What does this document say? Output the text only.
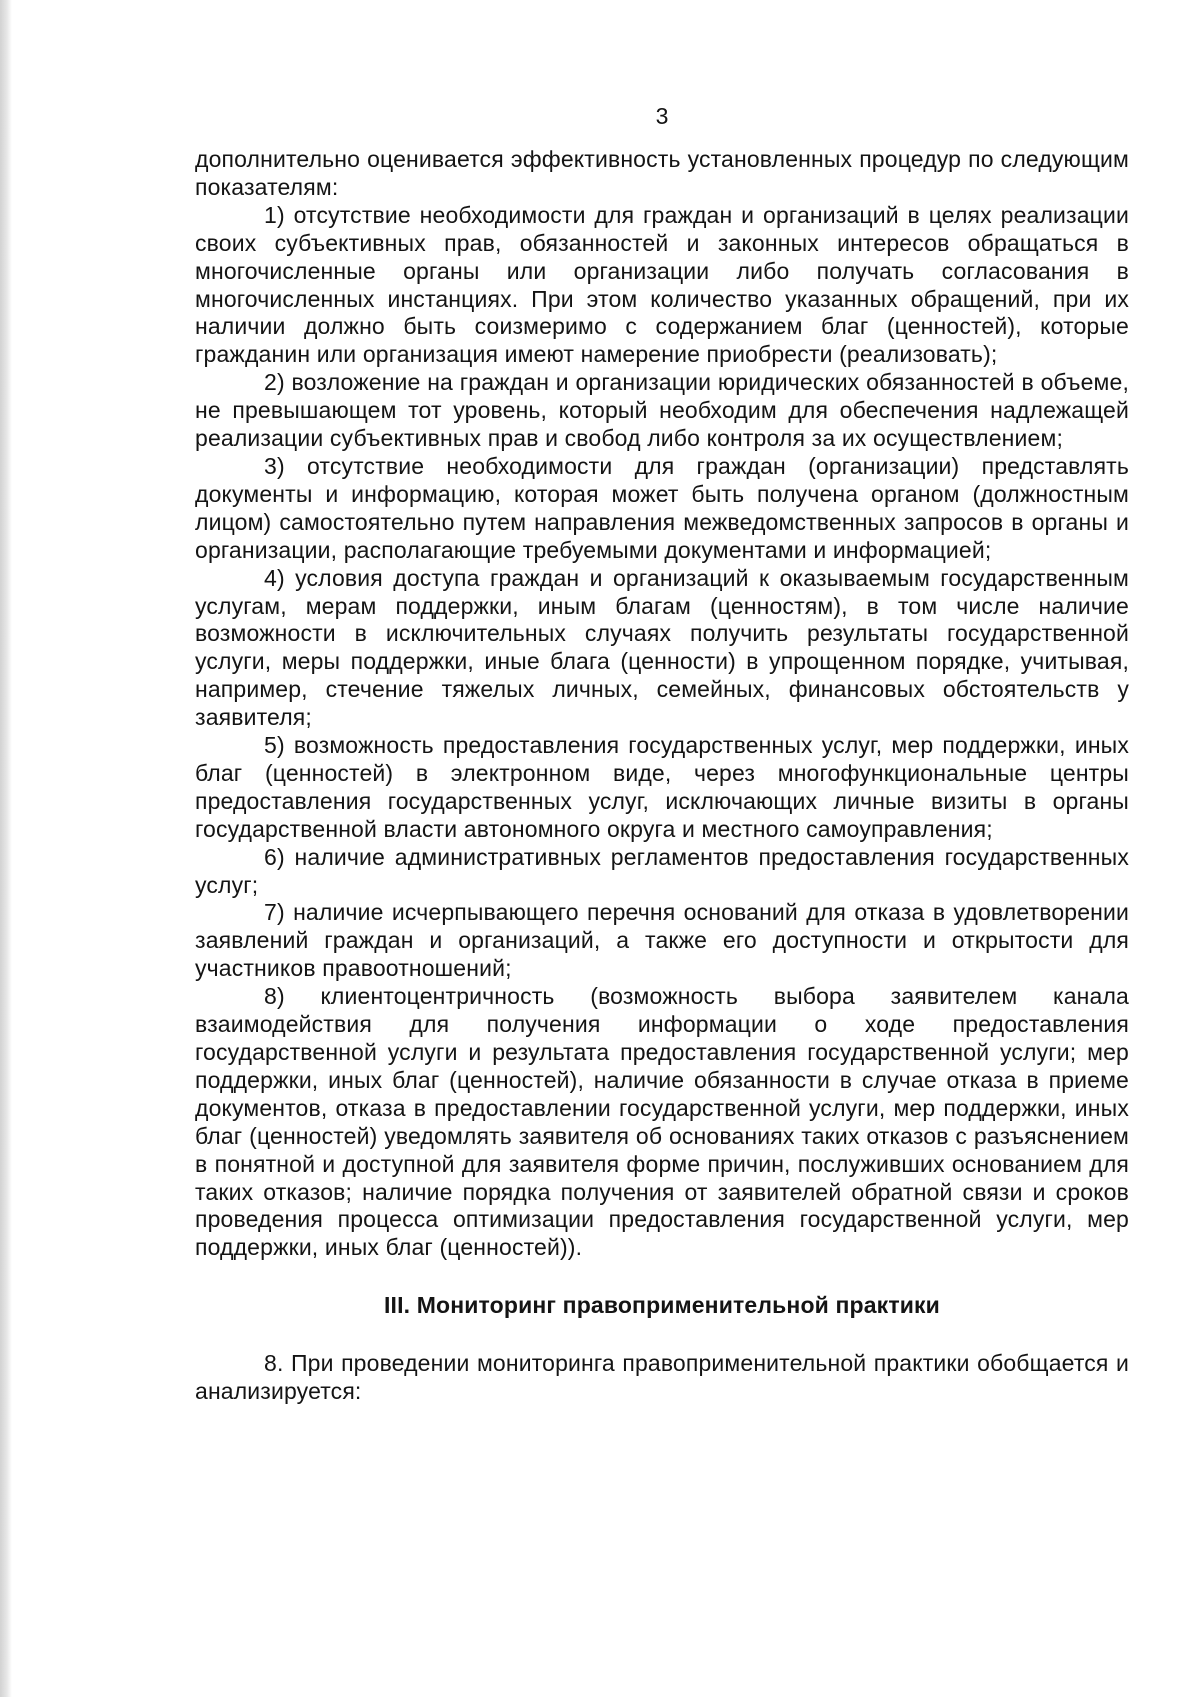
3

дополнительно оценивается эффективность установленных процедур по следующим показателям:

1) отсутствие необходимости для граждан и организаций в целях реализации своих субъективных прав, обязанностей и законных интересов обращаться в многочисленные органы или организации либо получать согласования в многочисленных инстанциях. При этом количество указанных обращений, при их наличии должно быть соизмеримо с содержанием благ (ценностей), которые гражданин или организация имеют намерение приобрести (реализовать);

2) возложение на граждан и организации юридических обязанностей в объеме, не превышающем тот уровень, который необходим для обеспечения надлежащей реализации субъективных прав и свобод либо контроля за их осуществлением;

3) отсутствие необходимости для граждан (организации) представлять документы и информацию, которая может быть получена органом (должностным лицом) самостоятельно путем направления межведомственных запросов в органы и организации, располагающие требуемыми документами и информацией;

4) условия доступа граждан и организаций к оказываемым государственным услугам, мерам поддержки, иным благам (ценностям), в том числе наличие возможности в исключительных случаях получить результаты государственной услуги, меры поддержки, иные блага (ценности) в упрощенном порядке, учитывая, например, стечение тяжелых личных, семейных, финансовых обстоятельств у заявителя;

5) возможность предоставления государственных услуг, мер поддержки, иных благ (ценностей) в электронном виде, через многофункциональные центры предоставления государственных услуг, исключающих личные визиты в органы государственной власти автономного округа и местного самоуправления;

6) наличие административных регламентов предоставления государственных услуг;

7) наличие исчерпывающего перечня оснований для отказа в удовлетворении заявлений граждан и организаций, а также его доступности и открытости для участников правоотношений;

8) клиентоцентричность (возможность выбора заявителем канала взаимодействия для получения информации о ходе предоставления государственной услуги и результата предоставления государственной услуги; мер поддержки, иных благ (ценностей), наличие обязанности в случае отказа в приеме документов, отказа в предоставлении государственной услуги, мер поддержки, иных благ (ценностей) уведомлять заявителя об основаниях таких отказов с разъяснением в понятной и доступной для заявителя форме причин, послуживших основанием для таких отказов; наличие порядка получения от заявителей обратной связи и сроков проведения процесса оптимизации предоставления государственной услуги, мер поддержки, иных благ (ценностей)).

III. Мониторинг правоприменительной практики

8. При проведении мониторинга правоприменительной практики обобщается и анализируется:
